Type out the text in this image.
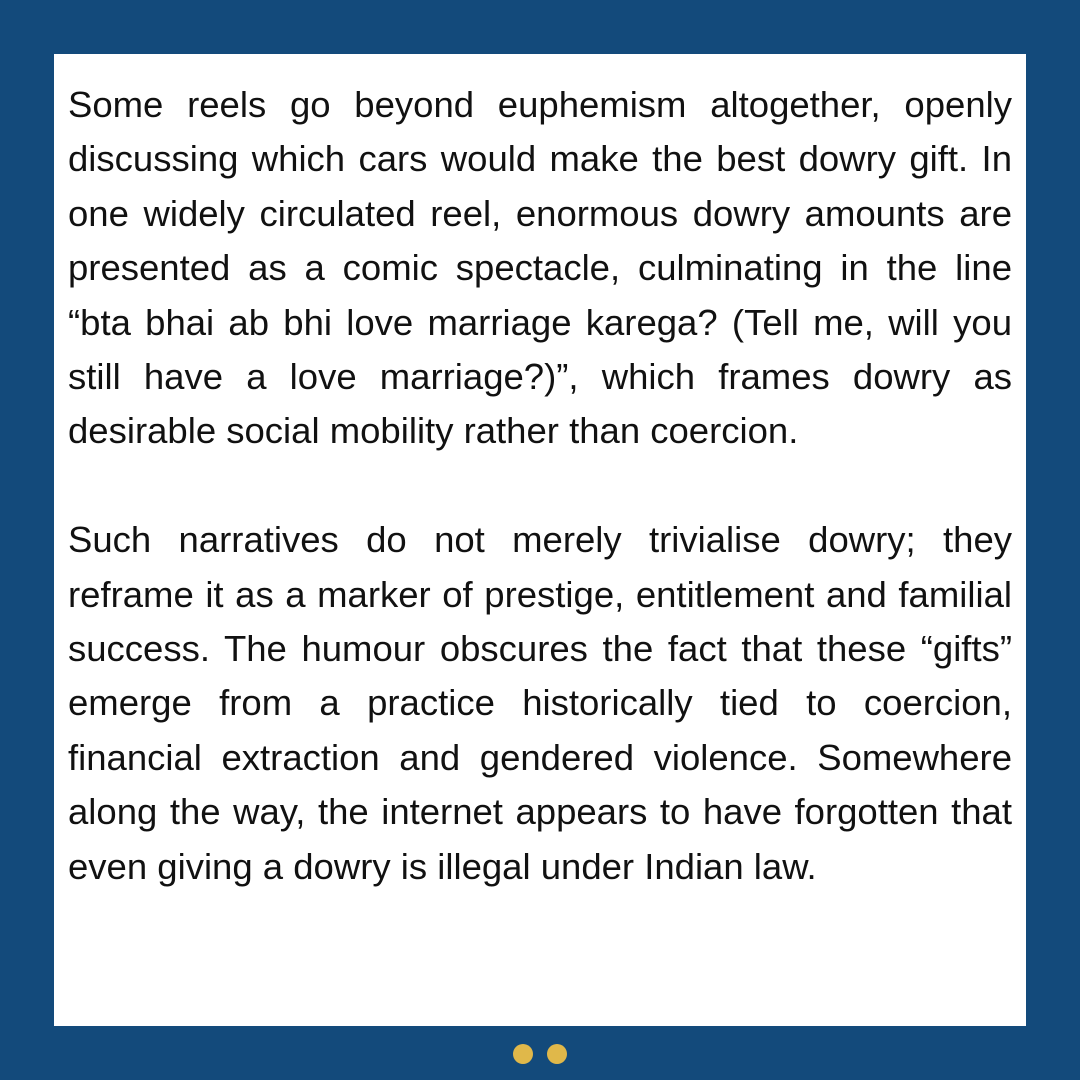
Some reels go beyond euphemism altogether, openly discussing which cars would make the best dowry gift. In one widely circulated reel, enormous dowry amounts are presented as a comic spectacle, culminating in the line “bta bhai ab bhi love marriage karega? (Tell me, will you still have a love marriage?)”, which frames dowry as desirable social mobility rather than coercion.

Such narratives do not merely trivialise dowry; they reframe it as a marker of prestige, entitlement and familial success. The humour obscures the fact that these “gifts” emerge from a practice historically tied to coercion, financial extraction and gendered violence. Somewhere along the way, the internet appears to have forgotten that even giving a dowry is illegal under Indian law.
